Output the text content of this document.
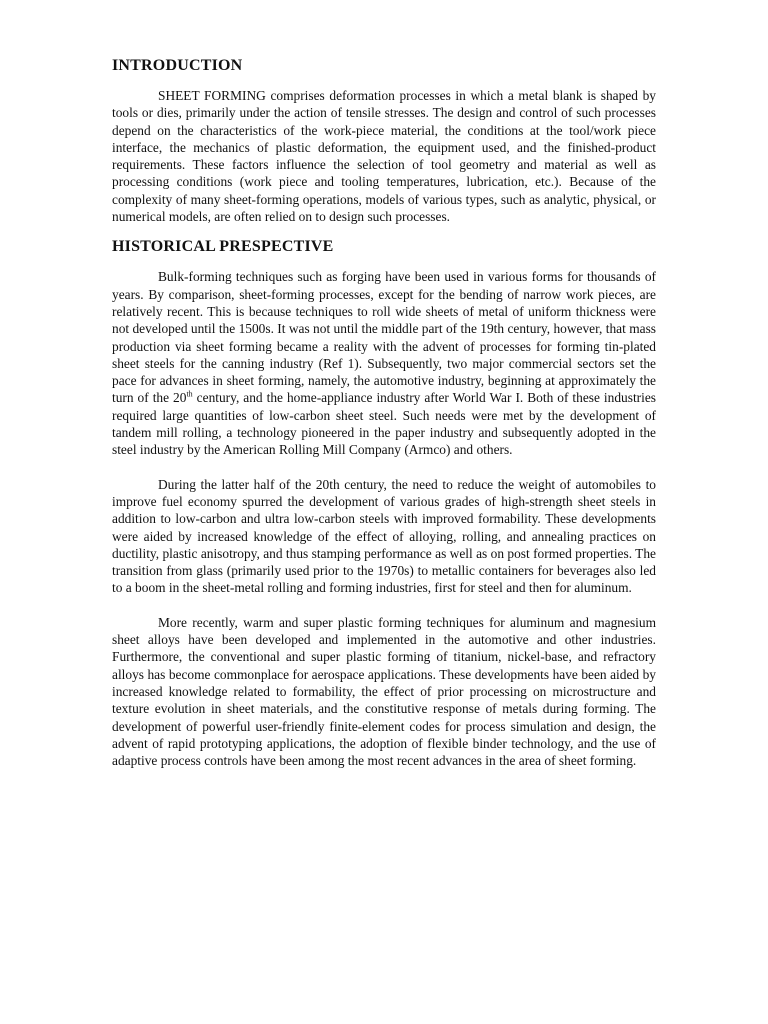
INTRODUCTION

SHEET FORMING comprises deformation processes in which a metal blank is shaped by tools or dies, primarily under the action of tensile stresses. The design and control of such processes depend on the characteristics of the work-piece material, the conditions at the tool/work piece interface, the mechanics of plastic deformation, the equipment used, and the finished-product requirements. These factors influence the selection of tool geometry and material as well as processing conditions (work piece and tooling temperatures, lubrication, etc.). Because of the complexity of many sheet-forming operations, models of various types, such as analytic, physical, or numerical models, are often relied on to design such processes.

HISTORICAL PRESPECTIVE

Bulk-forming techniques such as forging have been used in various forms for thousands of years. By comparison, sheet-forming processes, except for the bending of narrow work pieces, are relatively recent. This is because techniques to roll wide sheets of metal of uniform thickness were not developed until the 1500s. It was not until the middle part of the 19th century, however, that mass production via sheet forming became a reality with the advent of processes for forming tin-plated sheet steels for the canning industry (Ref 1). Subsequently, two major commercial sectors set the pace for advances in sheet forming, namely, the automotive industry, beginning at approximately the turn of the 20th century, and the home-appliance industry after World War I. Both of these industries required large quantities of low-carbon sheet steel. Such needs were met by the development of tandem mill rolling, a technology pioneered in the paper industry and subsequently adopted in the steel industry by the American Rolling Mill Company (Armco) and others.

During the latter half of the 20th century, the need to reduce the weight of automobiles to improve fuel economy spurred the development of various grades of high-strength sheet steels in addition to low-carbon and ultra low-carbon steels with improved formability. These developments were aided by increased knowledge of the effect of alloying, rolling, and annealing practices on ductility, plastic anisotropy, and thus stamping performance as well as on post formed properties. The transition from glass (primarily used prior to the 1970s) to metallic containers for beverages also led to a boom in the sheet-metal rolling and forming industries, first for steel and then for aluminum.

More recently, warm and super plastic forming techniques for aluminum and magnesium sheet alloys have been developed and implemented in the automotive and other industries. Furthermore, the conventional and super plastic forming of titanium, nickel-base, and refractory alloys has become commonplace for aerospace applications. These developments have been aided by increased knowledge related to formability, the effect of prior processing on microstructure and texture evolution in sheet materials, and the constitutive response of metals during forming. The development of powerful user-friendly finite-element codes for process simulation and design, the advent of rapid prototyping applications, the adoption of flexible binder technology, and the use of adaptive process controls have been among the most recent advances in the area of sheet forming.
